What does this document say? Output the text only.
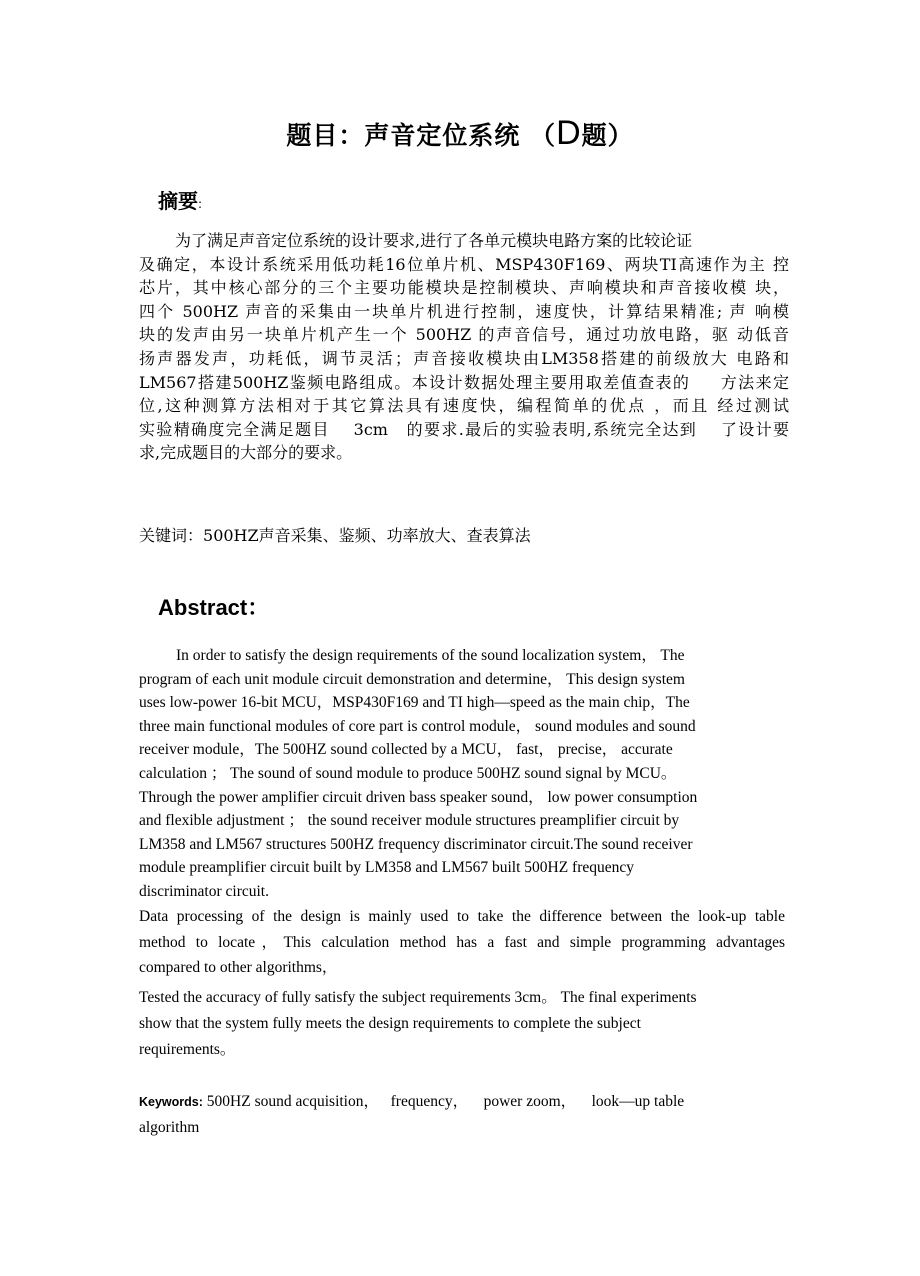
题目：声音定位系统 （D题）
摘要:
为了满足声音定位系统的设计要求,进行了各单元模块电路方案的比较论证
及确定，本设计系统采用低功耗16位单片机、MSP430F169、两块TI高速作为主 控
芯片，其中核心部分的三个主要功能模块是控制模块、声响模块和声音接收模 块，
四个 500HZ 声音的采集由一块单片机进行控制，速度快，计算结果精准; 声 响模
块的发声由另一块单片机产生一个 500HZ 的声音信号，通过功放电路，驱 动低音
扬声器发声，功耗低，调节灵活；声音接收模块由LM358搭建的前级放大 电路和
LM567搭建500HZ鉴频电路组成。本设计数据处理主要用取差值查表的 　 方法来定
位,这种测算方法相对于其它算法具有速度快，编程简单的优点 ，而且 经过测试
实验精确度完全满足题目 　3cm　的要求.最后的实验表明,系统完全达到 　了设计要
求,完成题目的大部分的要求。
关键词：500HZ声音采集、鉴频、功率放大、查表算法
Abstract：
In order to satisfy the design requirements of the sound localization system， The
program of each unit module circuit demonstration and determine， This design system
uses low-power 16-bit MCU，MSP430F169 and TI high—speed as the main chip，The
three main functional modules of core part is control module， sound modules and sound
receiver module，The 500HZ sound collected by a MCU， fast， precise， accurate
calculation ； The sound of sound module to produce 500HZ sound signal by MCU。
Through the power amplifier circuit driven bass speaker sound， low power consumption
and flexible adjustment ； the sound receiver module structures preamplifier circuit by
LM358 and LM567 structures 500HZ frequency discriminator circuit.The sound receiver
module preamplifier circuit built by LM358 and LM567 built 500HZ frequency
discriminator circuit.
Data processing of the design is mainly used to take the difference between the look-up table
method to locate，This calculation method has a fast and simple programming advantages
compared to other algorithms，
Tested the accuracy of fully satisfy the subject requirements 3cm。 The final experiments
show that the system fully meets the design requirements to complete the subject
requirements。
Keywords: 500HZ sound acquisition，   frequency，    power zoom，    look—up table
algorithm
